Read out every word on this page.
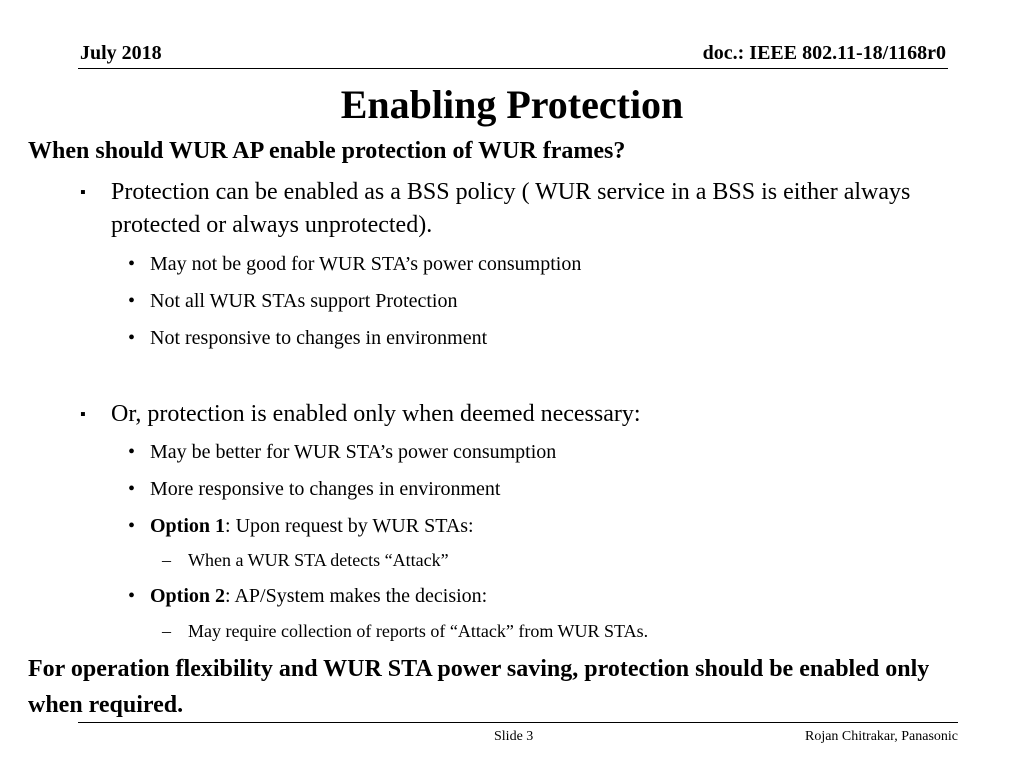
July 2018	doc.: IEEE 802.11-18/1168r0
Enabling Protection
When should WUR AP enable protection of WUR frames?
▪ Protection can be enabled as a BSS policy ( WUR service in a BSS is either always protected or always unprotected).
• May not be good for WUR STA’s power consumption
• Not all WUR STAs support Protection
• Not responsive to changes in environment
▪ Or, protection is enabled only when deemed necessary:
• May be better for WUR STA’s power consumption
• More responsive to changes in environment
• Option 1: Upon request by WUR STAs:
– When a WUR STA detects “Attack”
• Option 2: AP/System makes the decision:
– May require collection of reports of “Attack” from WUR STAs.
For operation flexibility and WUR STA power saving, protection should be enabled only when required.
Slide 3	Rojan Chitrakar, Panasonic
